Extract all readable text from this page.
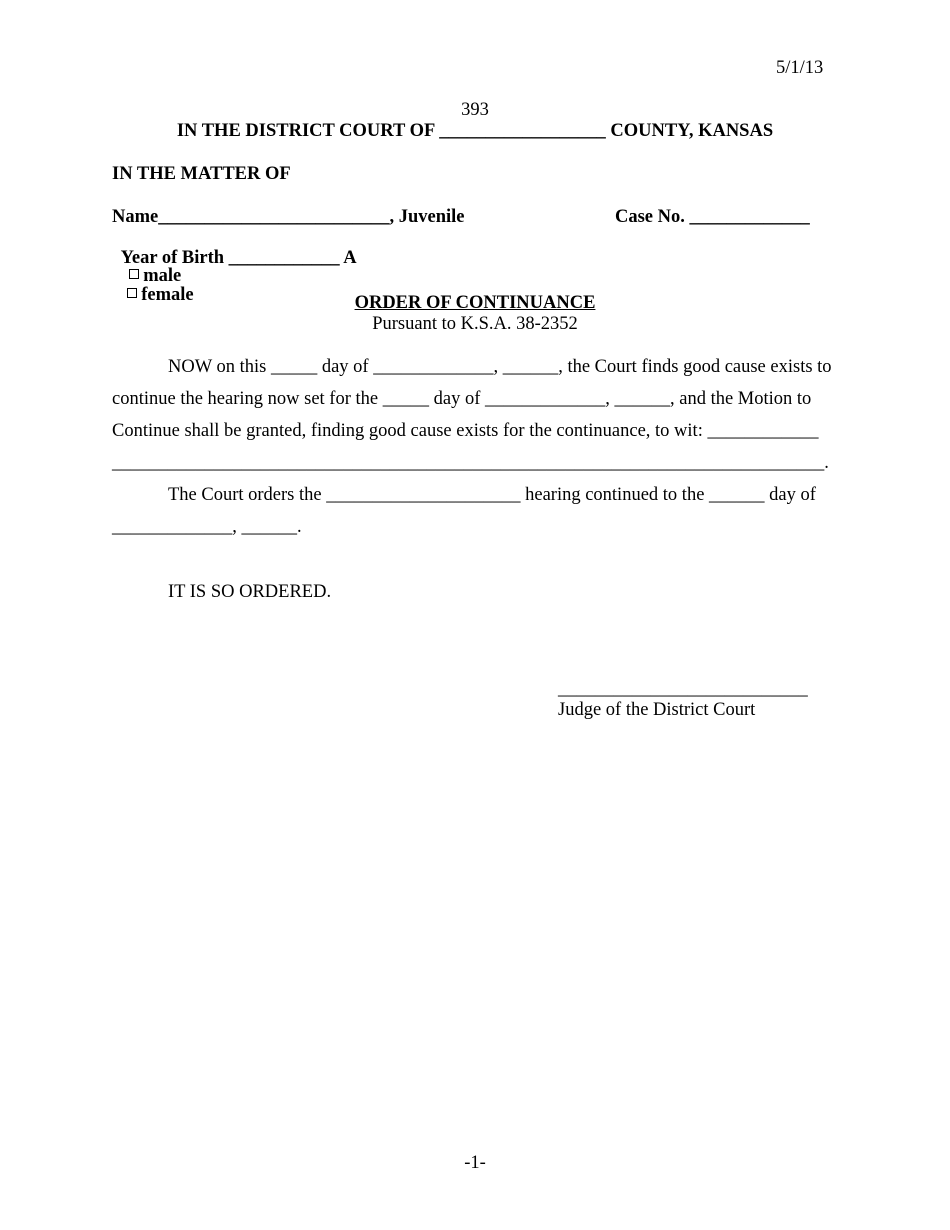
5/1/13
393
IN THE DISTRICT COURT OF __________________ COUNTY, KANSAS
IN THE MATTER OF
Name_________________________, Juvenile	Case No. _____________

Year of Birth ____________ A
male
female	ORDER OF CONTINUANCE
Pursuant to K.S.A. 38-2352
NOW on this _____ day of _____________, ______, the Court finds good cause exists to
continue the hearing now set for the _____ day of _____________, ______, and the Motion to
Continue shall be granted, finding good cause exists for the continuance, to wit: ____________
_____________________________________________________________________________.
The Court orders the _____________________ hearing continued to the ______ day of
_____________, ______.
IT IS SO ORDERED.
___________________________
Judge of the District Court
-1-
